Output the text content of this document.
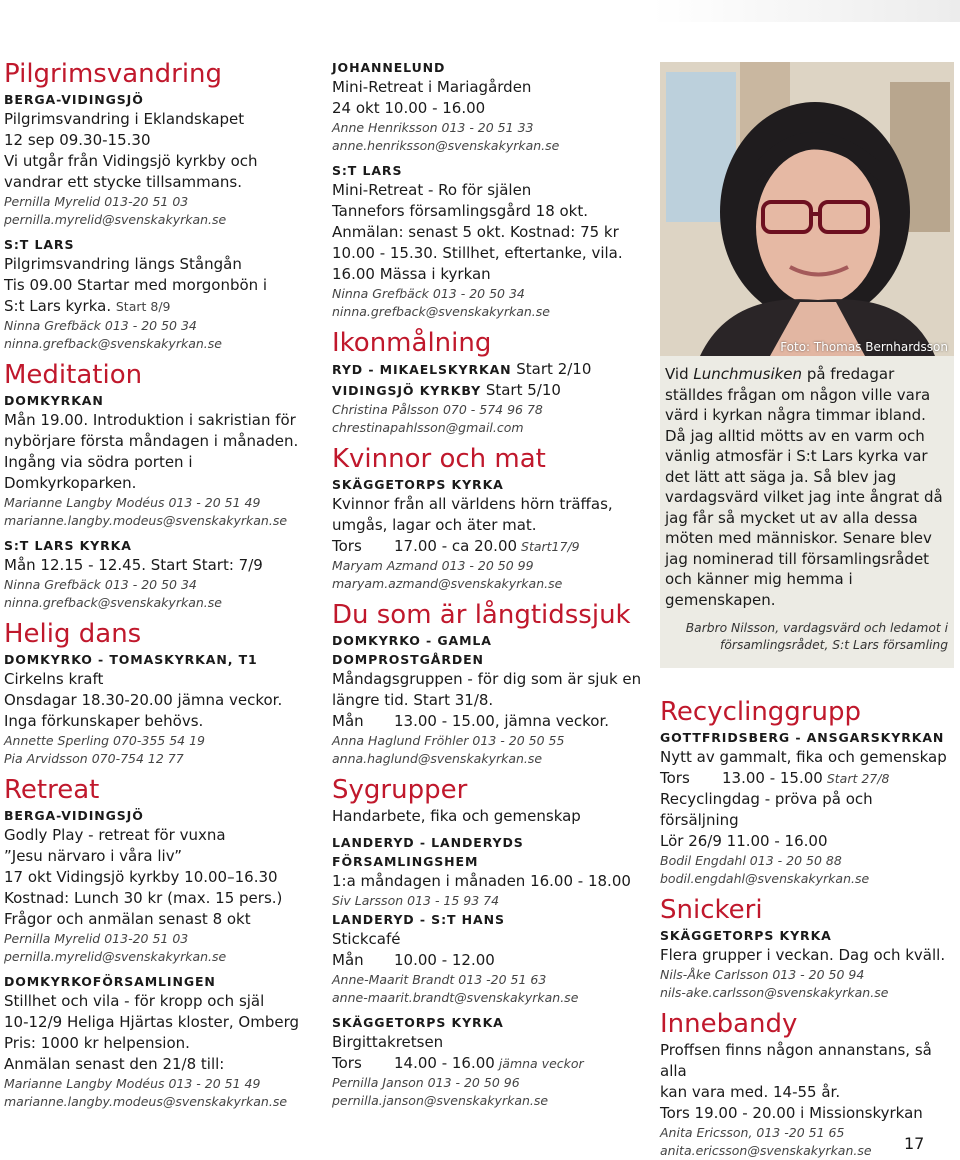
Pilgrimsvandring

BERGA-VIDINGSJÖ

Pilgrimsvandring i Eklandskapet

12 sep 09.30-15.30

Vi utgår från Vidingsjö kyrkby och

vandrar ett stycke tillsammans.

Pernilla Myrelid 013-20 51 03

pernilla.myrelid@svenskakyrkan.se

S:T LARS

Pilgrimsvandring längs Stångån

Tis 09.00 Startar med morgonbön i

S:t Lars kyrka. Start 8/9

Ninna Grefbäck 013 - 20 50 34

ninna.grefback@svenskakyrkan.se

Meditation

DOMKYRKAN

Mån 19.00. Introduktion i sakristian för

nybörjare första måndagen i månaden.

Ingång via södra porten i Domkyrkoparken.

Marianne Langby Modéus 013 - 20 51 49

marianne.langby.modeus@svenskakyrkan.se

S:T LARS KYRKA

Mån 12.15 - 12.45. Start Start: 7/9

Ninna Grefbäck 013 - 20 50 34

ninna.grefback@svenskakyrkan.se

Helig dans

DOMKYRKO - TOMASKYRKAN, T1

Cirkelns kraft

Onsdagar 18.30-20.00 jämna veckor.

Inga förkunskaper behövs.

Annette Sperling 070-355 54 19

Pia Arvidsson 070-754 12 77

Retreat

BERGA-VIDINGSJÖ

Godly Play - retreat för vuxna

”Jesu närvaro i våra liv”

17 okt Vidingsjö kyrkby 10.00–16.30

Kostnad: Lunch 30 kr (max. 15 pers.)

Frågor och anmälan senast 8 okt

Pernilla Myrelid 013-20 51 03

pernilla.myrelid@svenskakyrkan.se

DOMKYRKOFÖRSAMLINGEN

Stillhet och vila - för kropp och själ

10-12/9 Heliga Hjärtas kloster, Omberg

Pris: 1000 kr helpension.

Anmälan senast den 21/8 till:

Marianne Langby Modéus 013 - 20 51 49

marianne.langby.modeus@svenskakyrkan.se

JOHANNELUND

Mini-Retreat i Mariagården

24 okt 10.00 - 16.00

Anne Henriksson 013 - 20 51 33

anne.henriksson@svenskakyrkan.se

S:T LARS

Mini-Retreat - Ro för själen

Tannefors församlingsgård 18 okt.

Anmälan: senast 5 okt. Kostnad: 75 kr

10.00 - 15.30. Stillhet, eftertanke, vila.

16.00 Mässa i kyrkan

Ninna Grefbäck 013 - 20 50 34

ninna.grefback@svenskakyrkan.se

Ikonmålning

RYD - MIKAELSKYRKAN Start 2/10

VIDINGSJÖ KYRKBY Start 5/10

Christina Pålsson 070 - 574 96 78

chrestinapahlsson@gmail.com

Kvinnor och mat

SKÄGGETORPS KYRKA

Kvinnor från all världens hörn träffas,

umgås, lagar och äter mat.

Tors 17.00 - ca 20.00 Start17/9

Maryam Azmand 013 - 20 50 99

maryam.azmand@svenskakyrkan.se

Du som är långtidssjuk

DOMKYRKO - GAMLA DOMPROSTGÅRDEN

Måndagsgruppen - för dig som är sjuk en

längre tid. Start 31/8.

Mån 13.00 - 15.00, jämna veckor.

Anna Haglund Fröhler 013 - 20 50 55

anna.haglund@svenskakyrkan.se

Sygrupper

Handarbete, fika och gemenskap

LANDERYD - LANDERYDS FÖRSAMLINGSHEM

1:a måndagen i månaden 16.00 - 18.00

Siv Larsson 013 - 15 93 74

LANDERYD - S:T HANS

Stickcafé

Mån 10.00 - 12.00

Anne-Maarit Brandt 013 -20 51 63

anne-maarit.brandt@svenskakyrkan.se

SKÄGGETORPS KYRKA

Birgittakretsen

Tors 14.00 - 16.00 jämna veckor

Pernilla Janson 013 - 20 50 96

pernilla.janson@svenskakyrkan.se

Foto: Thomas Bernhardsson

Vid Lunchmusiken på fredagar ställdes frågan om någon ville vara värd i kyrkan några timmar ibland. Då jag alltid mötts av en varm och vänlig atmosfär i S:t Lars kyrka var det lätt att säga ja. Så blev jag vardagsvärd vilket jag inte ångrat då jag får så mycket ut av alla dessa möten med människor. Senare blev jag nominerad till församlingsrådet och känner mig hemma i gemenskapen.

Barbro Nilsson, vardagsvärd och ledamot i
församlingsrådet, S:t Lars församling
Recyclinggrupp

GOTTFRIDSBERG - ANSGARSKYRKAN

Nytt av gammalt, fika och gemenskap

Tors 13.00 - 15.00 Start 27/8

Recyclingdag - pröva på och försäljning

Lör 26/9 11.00 - 16.00

Bodil Engdahl 013 - 20 50 88

bodil.engdahl@svenskakyrkan.se

Snickeri

SKÄGGETORPS KYRKA

Flera grupper i veckan. Dag och kväll.

Nils-Åke Carlsson 013 - 20 50 94

nils-ake.carlsson@svenskakyrkan.se

Innebandy

Proffsen finns någon annanstans, så alla

kan vara med. 14-55 år.

Tors 19.00 - 20.00 i Missionskyrkan

Anita Ericsson, 013 -20 51 65

anita.ericsson@svenskakyrkan.se	17
